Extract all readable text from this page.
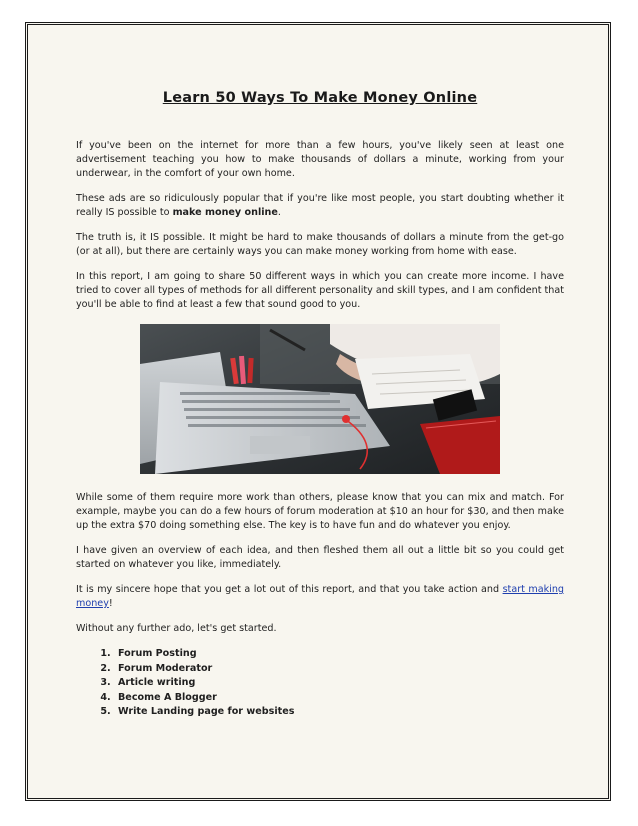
Learn 50 Ways To Make Money Online

If you've been on the internet for more than a few hours, you've likely seen at least one advertisement teaching you how to make thousands of dollars a minute, working from your underwear, in the comfort of your own home.

These ads are so ridiculously popular that if you're like most people, you start doubting whether it really IS possible to make money online.

The truth is, it IS possible. It might be hard to make thousands of dollars a minute from the get-go (or at all), but there are certainly ways you can make money working from home with ease.

In this report, I am going to share 50 different ways in which you can create more income. I have tried to cover all types of methods for all different personality and skill types, and I am confident that you'll be able to find at least a few that sound good to you.

While some of them require more work than others, please know that you can mix and match. For example, maybe you can do a few hours of forum moderation at $10 an hour for $30, and then make up the extra $70 doing something else. The key is to have fun and do whatever you enjoy.

I have given an overview of each idea, and then fleshed them all out a little bit so you could get started on whatever you like, immediately.

It is my sincere hope that you get a lot out of this report, and that you take action and start making money!

Without any further ado, let's get started.

1. Forum Posting
2. Forum Moderator
3. Article writing
4. Become A Blogger
5. Write Landing page for websites
